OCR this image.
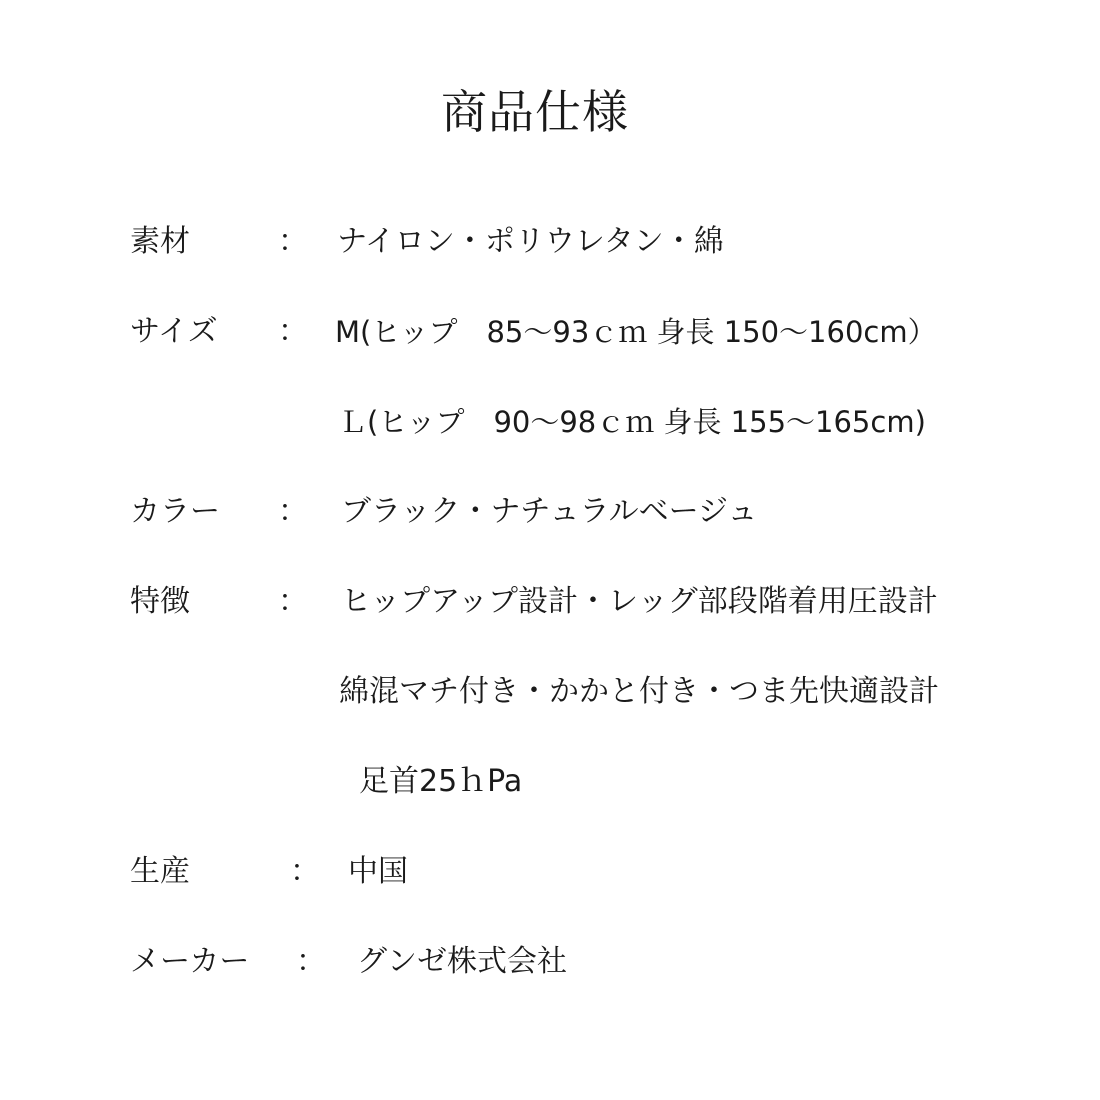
商品仕様
素材	： ナイロン・ポリウレタン・綿
サイズ ： M(ヒップ　85～93ｃｍ 身長 150～160cm）
Ｌ(ヒップ　90～98ｃｍ 身長 155～165cm)
カラー ： ブラック・ナチュラルベージュ
特徴	： ヒップアップ設計・レッグ部段階着用圧設計
綿混マチ付き・かかと付き・つま先快適設計
足首25ｈPa
生産	： 中国
メーカー ： グンゼ株式会社
